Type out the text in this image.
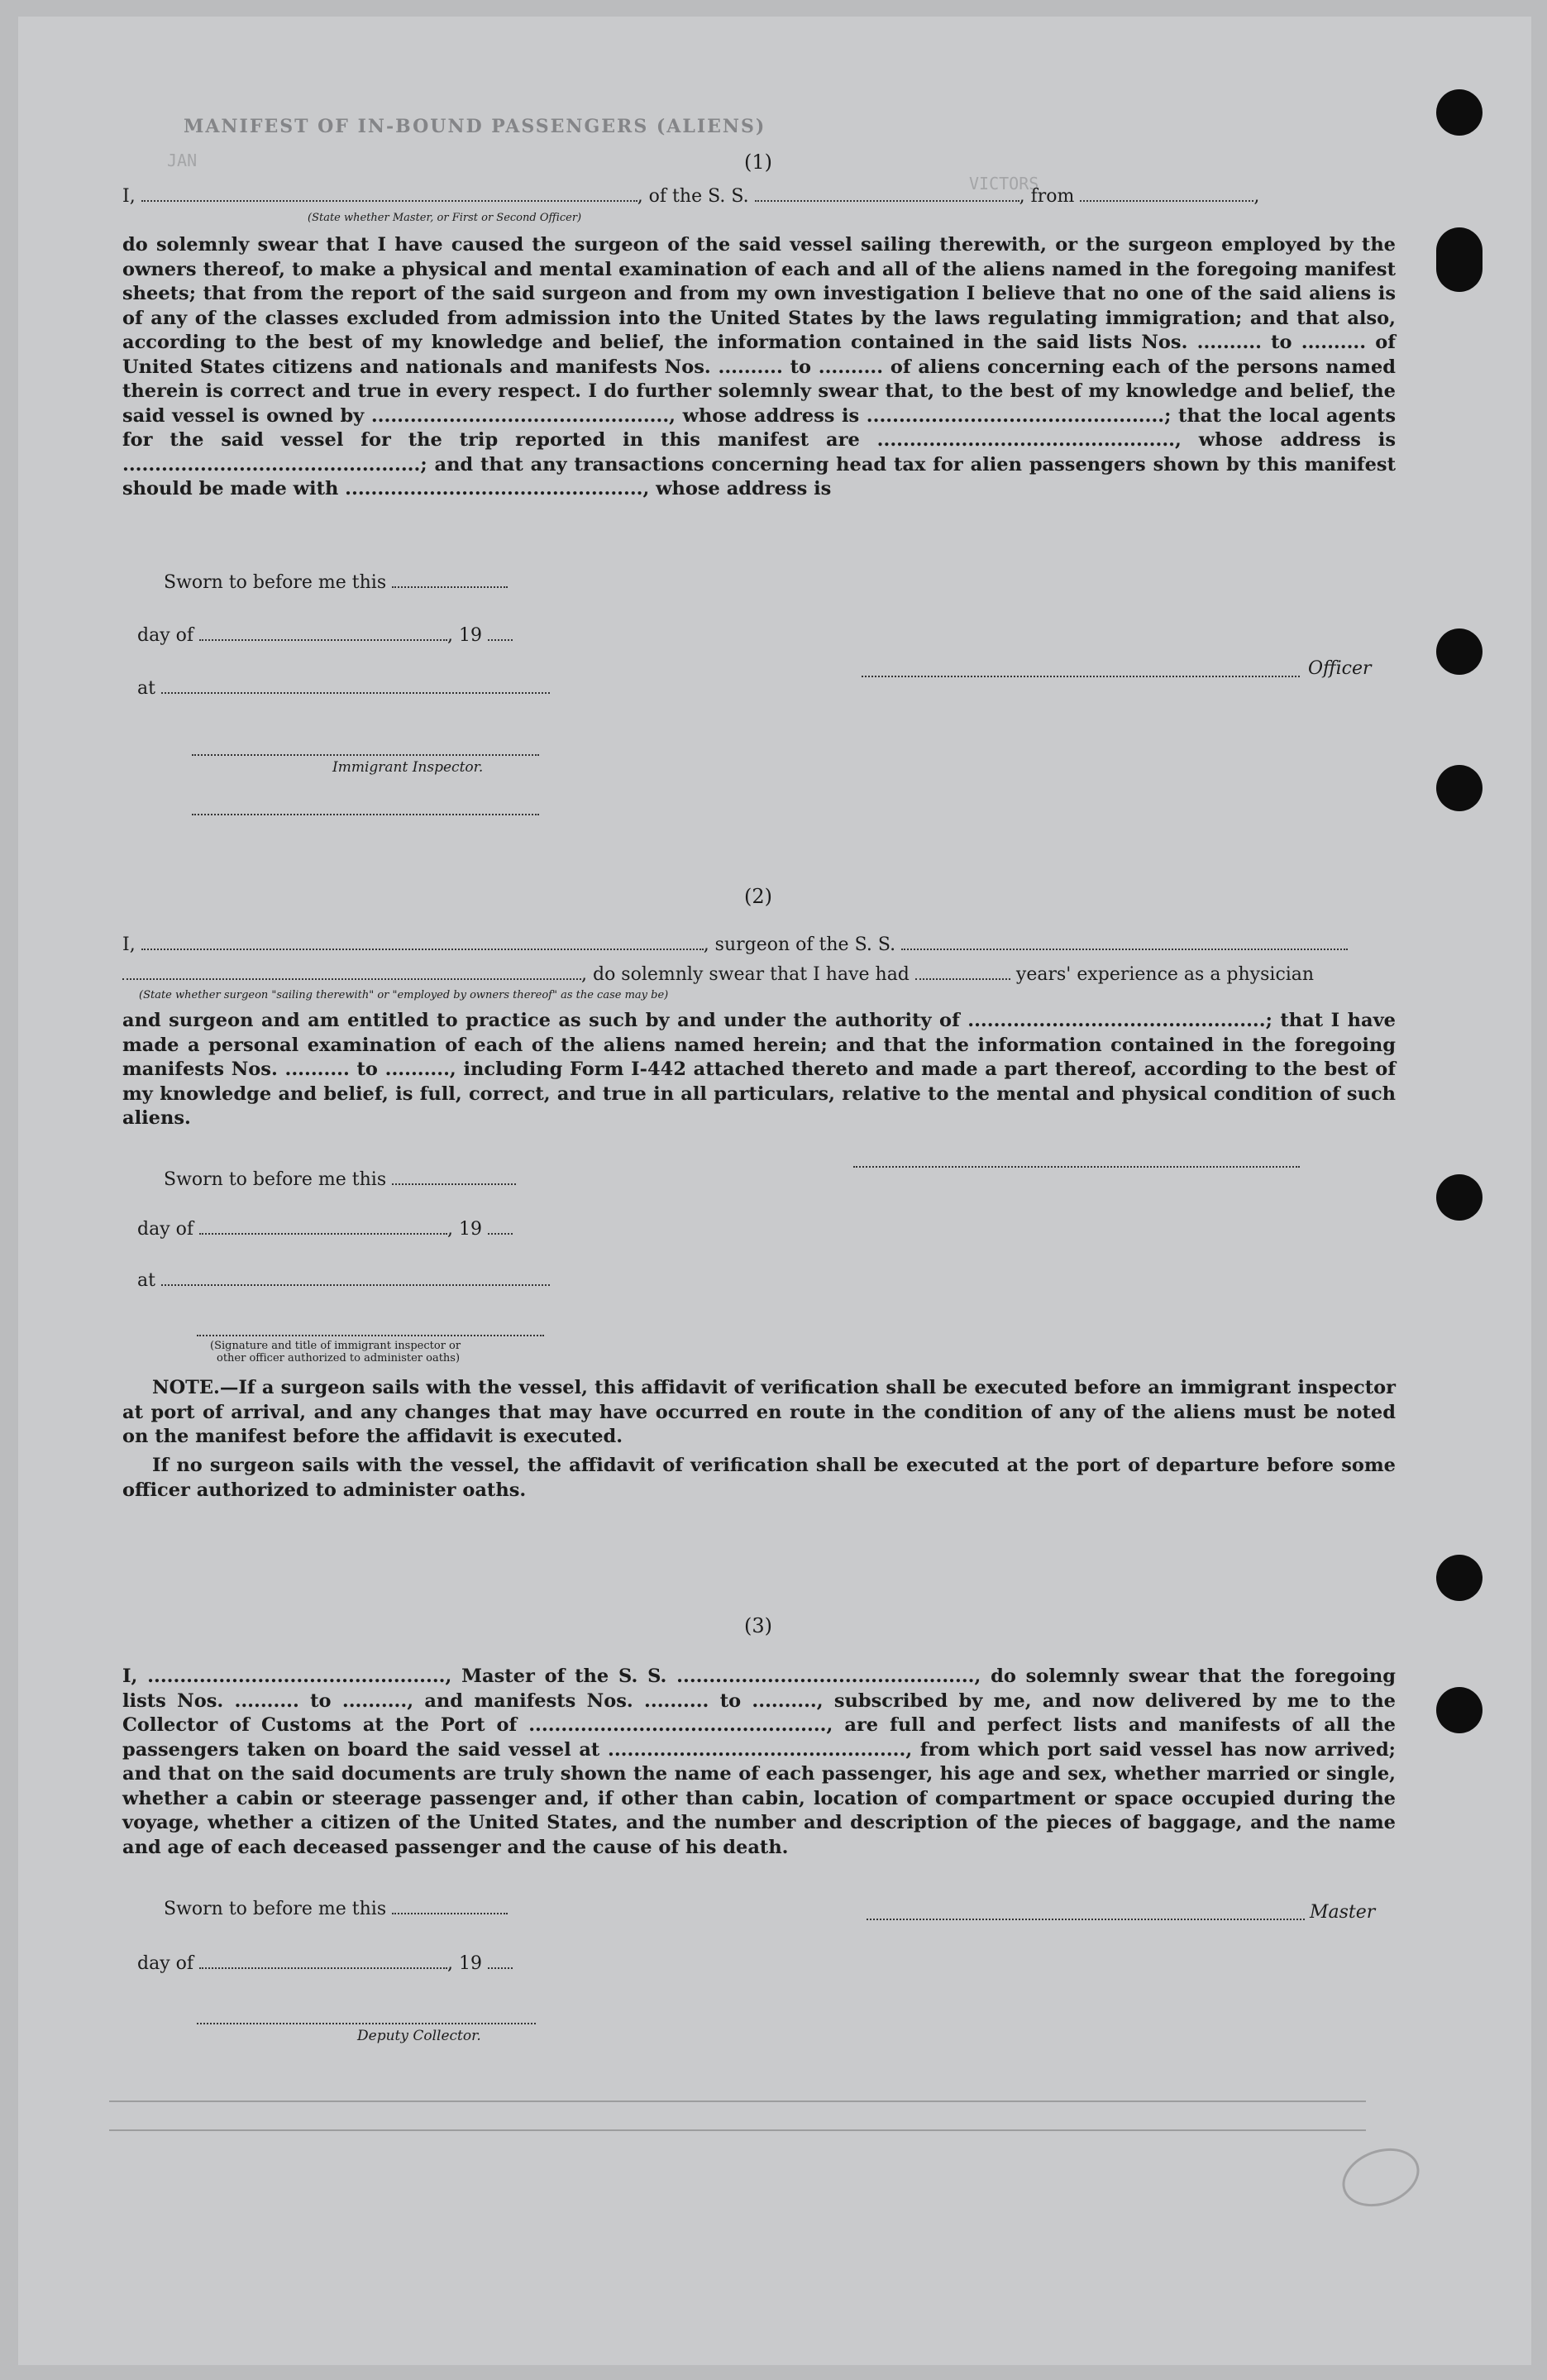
MANIFEST OF IN-BOUND PASSENGERS (ALIENS)
JAN
VICTORS
(1)
I,	, of the S. S.	, from	,
(State whether Master, or First or Second Officer)
do solemnly swear that I have caused the surgeon of the said vessel sailing therewith, or the surgeon employed by the owners thereof, to make a physical and mental examination of each and all of the aliens named in the foregoing manifest sheets; that from the report of the said surgeon and from my own investigation I believe that no one of the said aliens is of any of the classes excluded from admission into the United States by the laws regulating immigration; and that also, according to the best of my knowledge and belief, the information contained in the said lists Nos. .......... to .......... of United States citizens and nationals and manifests Nos. .......... to .......... of aliens concerning each of the persons named therein is correct and true in every respect. I do further solemnly swear that, to the best of my knowledge and belief, the said vessel is owned by .............................................., whose address is ..............................................; that the local agents for the said vessel for the trip reported in this manifest are .............................................., whose address is ..............................................; and that any transactions concerning head tax for alien passengers shown by this manifest should be made with .............................................., whose address is
Sworn to before me this
day of	, 19
at
Officer
Immigrant Inspector.
(2)
I,	, surgeon of the S. S.
, do solemnly swear that I have had	years' experience as a physician
(State whether surgeon "sailing therewith" or "employed by owners thereof" as the case may be)
and surgeon and am entitled to practice as such by and under the authority of ..............................................; that I have made a personal examination of each of the aliens named herein; and that the information contained in the foregoing manifests Nos. .......... to .........., including Form I-442 attached thereto and made a part thereof, according to the best of my knowledge and belief, is full, correct, and true in all particulars, relative to the mental and physical condition of such aliens.
Sworn to before me this
day of	, 19
at
(Signature and title of immigrant inspector or
other officer authorized to administer oaths)
NOTE.—If a surgeon sails with the vessel, this affidavit of verification shall be executed before an immigrant inspector at port of arrival, and any changes that may have occurred en route in the condition of any of the aliens must be noted on the manifest before the affidavit is executed.
If no surgeon sails with the vessel, the affidavit of verification shall be executed at the port of departure before some officer authorized to administer oaths.
(3)
I, .............................................., Master of the S. S. .............................................., do solemnly swear that the foregoing lists Nos. .......... to .........., and manifests Nos. .......... to .........., subscribed by me, and now delivered by me to the Collector of Customs at the Port of .............................................., are full and perfect lists and manifests of all the passengers taken on board the said vessel at .............................................., from which port said vessel has now arrived; and that on the said documents are truly shown the name of each passenger, his age and sex, whether married or single, whether a cabin or steerage passenger and, if other than cabin, location of compartment or space occupied during the voyage, whether a citizen of the United States, and the number and description of the pieces of baggage, and the name and age of each deceased passenger and the cause of his death.
Sworn to before me this
day of	, 19
Master
Deputy Collector.
